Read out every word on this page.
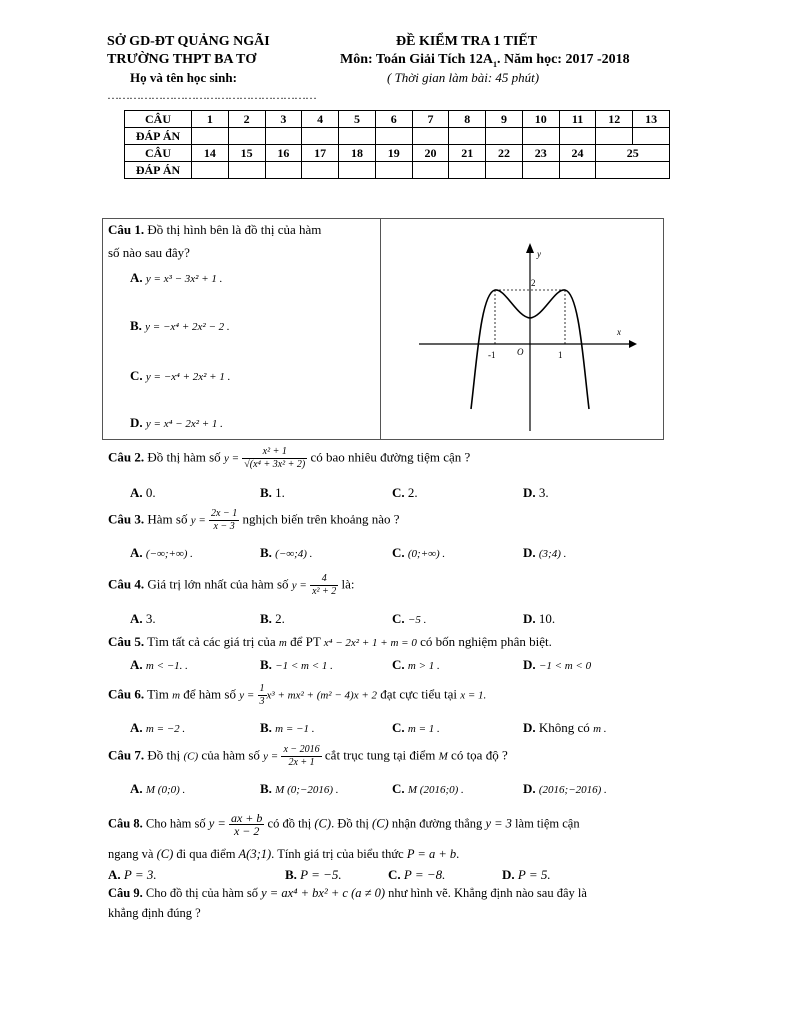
SỞ GD-ĐT QUẢNG NGÃI
TRƯỜNG THPT BA TƠ
Họ và tên học sinh:
…………………………………………………
ĐỀ KIỂM TRA 1 TIẾT
Môn: Toán Giải Tích $12A_1$. Năm học: 2017 -2018
( Thời gian làm bài: 45 phút)
CÂU	1	2	3	4	5	6	7	8	9	10	11	12	13
ĐÁP ÁN													
CÂU	14	15	16	17	18	19	20	21	22	23	24	25	
ĐÁP ÁN													
Câu 1. Đồ thị hình bên là đồ thị của hàm
số nào sau đây?
A. y = x³ − 3x² + 1 .
B. y = −x⁴ + 2x² − 2 .
C. y = −x⁴ + 2x² + 1 .
D. y = x⁴ − 2x² + 1 .
y
x
2
-1 O	1
Câu 2. Đồ thị hàm số $y = \frac{\text{x² + 1}}{\text{√(x⁴ + 3x² + 2)}}$ có bao nhiêu đường tiệm cận ?
A. 0.	B. 1.	C. 2.	D. 3.
Câu 3. Hàm số $y = \frac{2x - 1}{x - 3}$ nghịch biến trên khoảng nào ?
A. (−∞;+∞) .	B. (−∞;4) .	C. (0;+∞) .	D. (3;4) .
Câu 4. Giá trị lớn nhất của hàm số $y = \frac{4}{\text{x² + 2}}$ là:
A. 3.	B. 2.	C. −5 .	D. 10.
Câu 5. Tìm tất cả các giá trị của m để PT x⁴ − 2x² + 1 + m = 0 có bốn nghiệm phân biệt.
A. m < −1. .	B. −1 < m < 1 .	C. m > 1 .	D. −1 < m < 0
Câu 6. Tìm m để hàm số $y = \frac{1}{3} x^3 + mx^2 + (m^2 - 4)x + 2$ đạt cực tiểu tại x = 1.
A. m = −2 .	B. m = −1 .	C. m = 1 .	D. Không có m .
Câu 7. Đồ thị (C) của hàm số $y = \frac{x - 2016}{2x + 1}$ cắt trục tung tại điểm M có tọa độ ?
A. M (0;0) .	B. M (0;−2016) .	C. M (2016;0) .	D. (2016;−2016) .
Câu 8. Cho hàm số $y = \frac{ax + b}{x - 2}$ có đồ thị (C). Đồ thị (C) nhận đường thẳng y = 3 làm tiệm cận
ngang và (C) đi qua điểm A(3;1). Tính giá trị của biểu thức P = a + b.
A. P = 3.	B. P = −5.	C. P = −8.	D. P = 5.
Câu 9. Cho đồ thị của hàm số y = ax⁴ + bx² + c (a ≠ 0) như hình vẽ. Khẳng định nào sau đây là
khẳng định đúng ?
